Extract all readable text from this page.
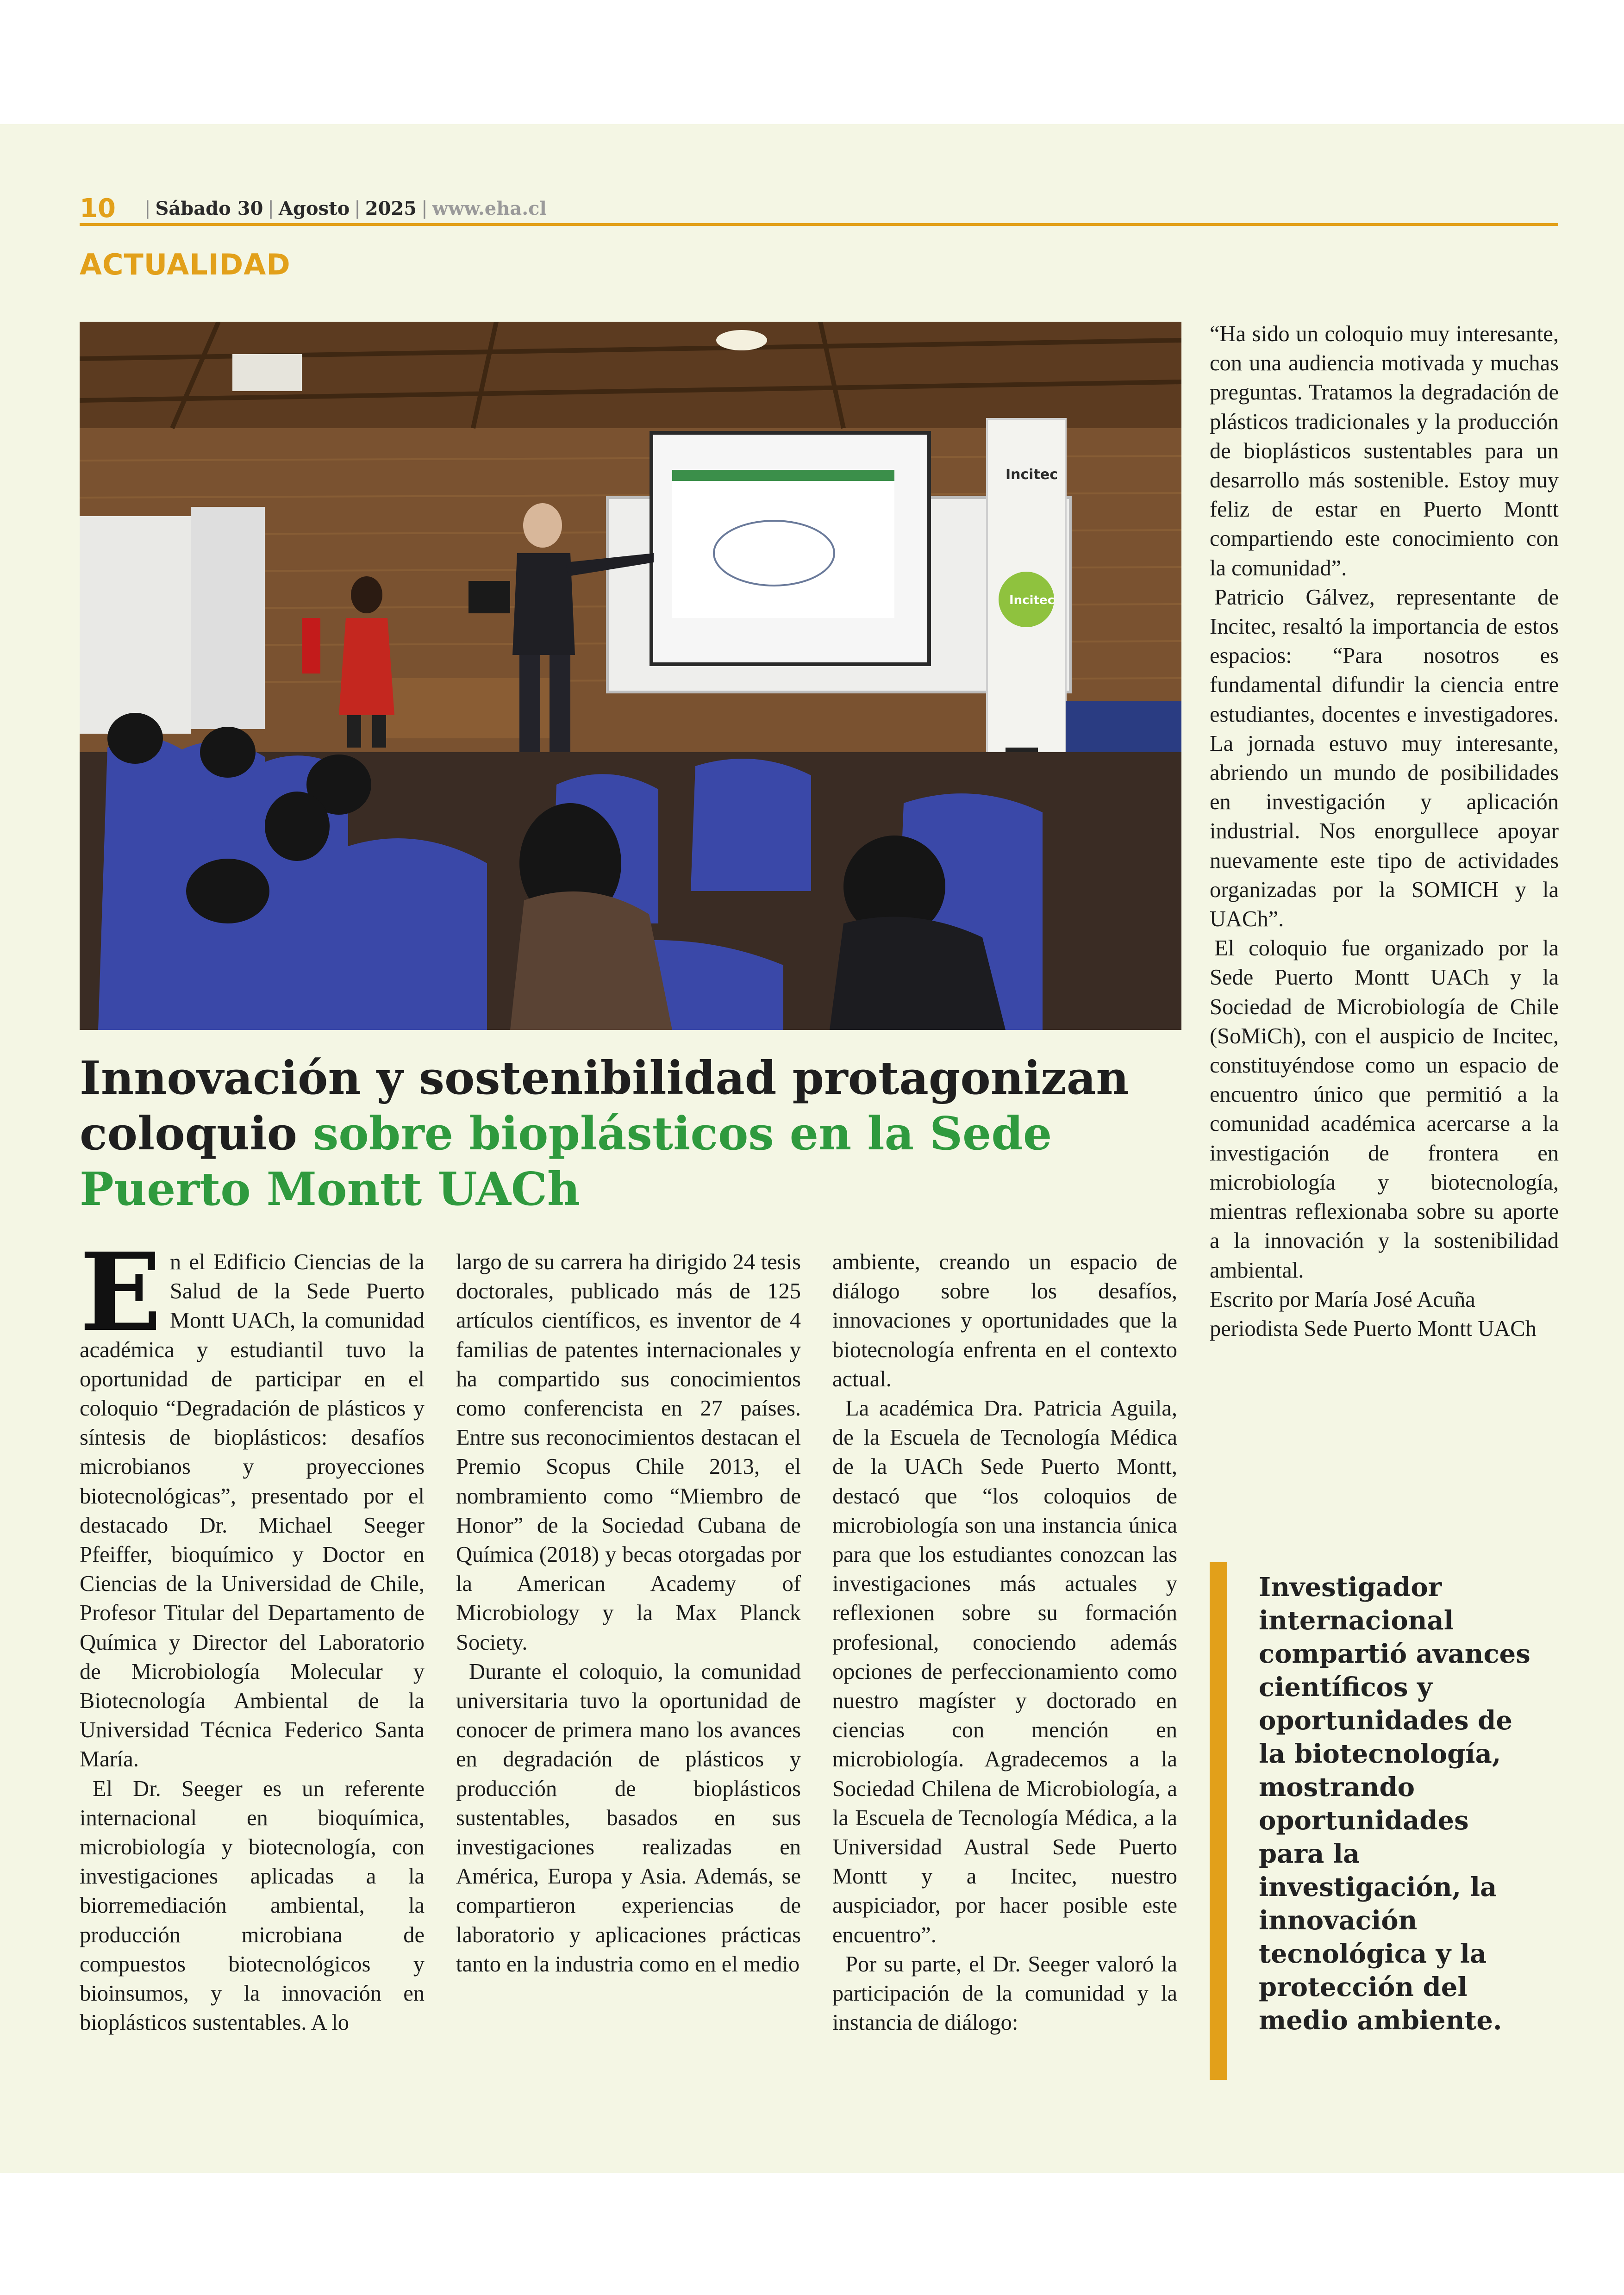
10	| Sábado 30 | Agosto | 2025 | www.eha.cl
ACTUALIDAD
Incitec
Incitec
Innovación y sostenibilidad protagonizan coloquio sobre bioplásticos en la Sede Puerto Montt UACh

En el Edificio Ciencias de la Salud de la Sede Puerto Montt UACh, la comunidad académica y estudiantil tuvo la oportunidad de participar en el coloquio “Degradación de plásticos y síntesis de bioplásticos: desafíos microbianos y proyecciones biotecnológicas”, presentado por el destacado Dr. Michael Seeger Pfeiffer, bioquímico y Doctor en Ciencias de la Universidad de Chile, Profesor Titular del Departamento de Química y Director del Laboratorio de Microbiología Molecular y Biotecnología Ambiental de la Universidad Técnica Federico Santa María.

El Dr. Seeger es un referente internacional en bioquímica, microbiología y biotecnología, con investigaciones aplicadas a la biorremediación ambiental, la producción microbiana de compuestos biotecnológicos y bioinsumos, y la innovación en bioplásticos sustentables. A lo

largo de su carrera ha dirigido 24 tesis doctorales, publicado más de 125 artículos científicos, es inventor de 4 familias de patentes internacionales y ha compartido sus conocimientos como conferencista en 27 países. Entre sus reconocimientos destacan el Premio Scopus Chile 2013, el nombramiento como “Miembro de Honor” de la Sociedad Cubana de Química (2018) y becas otorgadas por la American Academy of Microbiology y la Max Planck Society.

Durante el coloquio, la comunidad universitaria tuvo la oportunidad de conocer de primera mano los avances en degradación de plásticos y producción de bioplásticos sustentables, basados en sus investigaciones realizadas en América, Europa y Asia. Además, se compartieron experiencias de laboratorio y aplicaciones prácticas tanto en la industria como en el medio

ambiente, creando un espacio de diálogo sobre los desafíos, innovaciones y oportunidades que la biotecnología enfrenta en el contexto actual.

La académica Dra. Patricia Aguila, de la Escuela de Tecnología Médica de la UACh Sede Puerto Montt, destacó que “los coloquios de microbiología son una instancia única para que los estudiantes conozcan las investigaciones más actuales y reflexionen sobre su formación profesional, conociendo además opciones de perfeccionamiento como nuestro magíster y doctorado en ciencias con mención en microbiología. Agradecemos a la Sociedad Chilena de Microbiología, a la Escuela de Tecnología Médica, a la Universidad Austral Sede Puerto Montt y a Incitec, nuestro auspiciador, por hacer posible este encuentro”.

Por su parte, el Dr. Seeger valoró la participación de la comunidad y la instancia de diálogo:

“Ha sido un coloquio muy interesante, con una audiencia motivada y muchas preguntas. Tratamos la degradación de plásticos tradicionales y la producción de bioplásticos sustentables para un desarrollo más sostenible. Estoy muy feliz de estar en Puerto Montt compartiendo este conocimiento con la comunidad”.

Patricio Gálvez, representante de Incitec, resaltó la importancia de estos espacios: “Para nosotros es fundamental difundir la ciencia entre estudiantes, docentes e investigadores. La jornada estuvo muy interesante, abriendo un mundo de posibilidades en investigación y aplicación industrial. Nos enorgullece apoyar nuevamente este tipo de actividades organizadas por la SOMICH y la UACh”.

El coloquio fue organizado por la Sede Puerto Montt UACh y la Sociedad de Microbiología de Chile (SoMiCh), con el auspicio de Incitec, constituyéndose como un espacio de encuentro único que permitió a la comunidad académica acercarse a la investigación de frontera en microbiología y biotecnología, mientras reflexionaba sobre su aporte a la innovación y la sostenibilidad ambiental.

Escrito por María José Acuña periodista Sede Puerto Montt UACh

Investigador internacional compartió avances científicos y oportunidades de la biotecnología, mostrando oportunidades para la investigación, la innovación tecnológica y la protección del medio ambiente.
